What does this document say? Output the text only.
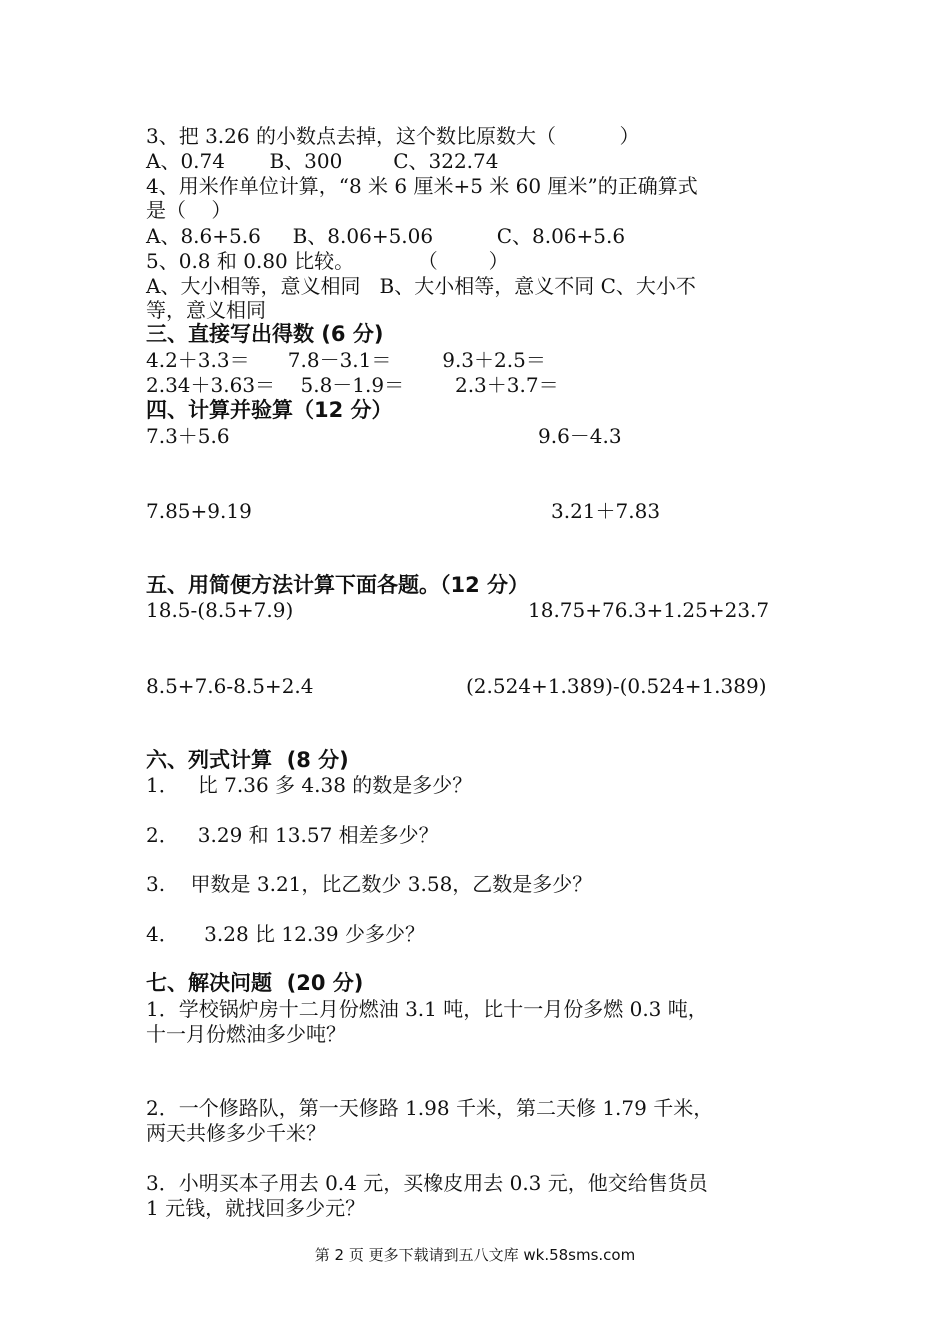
3、把 3.26 的小数点去掉，这个数比原数大（          ）

A、0.74       B、300        C、322.74

4、用米作单位计算，“8 米 6 厘米+5 米 60 厘米”的正确算式

是（    ）

A、8.6+5.6     B、8.06+5.06          C、8.06+5.6

5、0.8 和 0.80 比较。          （        ）

A、大小相等，意义相同   B、大小相等，意义不同 C、大小不

等，意义相同

三、直接写出得数 (6 分)

4.2＋3.3＝      7.8－3.1＝        9.3＋2.5＝

2.34＋3.63＝    5.8－1.9＝        2.3＋3.7＝

四、计算并验算（12 分）

7.3＋5.6	9.6－4.3

7.85+9.19	3.21＋7.83

五、用简便方法计算下面各题。（12 分）

18.5-(8.5+7.9)	18.75+76.3+1.25+23.7

8.5+7.6-8.5+2.4	(2.524+1.389)-(0.524+1.389)

六、列式计算  (8 分)

1．   比 7.36 多 4.38 的数是多少？

2．   3.29 和 13.57 相差多少？

3.    甲数是 3.21，比乙数少 3.58，乙数是多少？

4．    3.28 比 12.39 少多少？

七、解决问题  (20 分)

1．学校锅炉房十二月份燃油 3.1 吨，比十一月份多燃 0.3 吨，

十一月份燃油多少吨？

2．一个修路队，第一天修路 1.98 千米，第二天修 1.79 千米，

两天共修多少千米？

3．小明买本子用去 0.4 元，买橡皮用去 0.3 元，他交给售货员

1 元钱，就找回多少元？

第 2 页 更多下载请到五八文库 wk.58sms.com
